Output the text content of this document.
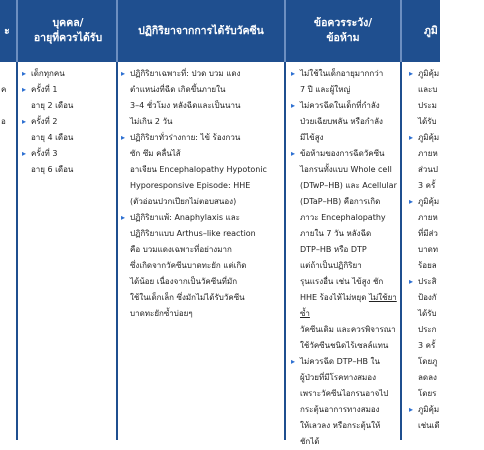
ะ
บุคคล/
อายุที่ควรได้รับ
ปฏิกิริยาจากการได้รับวัคซีน
ข้อควรระวัง/
ข้อห้าม
ภูมิ
ค
อ
▸ เด็กทุกคน
▸ ครั้งที่ 1
อายุ 2 เดือน
▸ ครั้งที่ 2
อายุ 4 เดือน
▸ ครั้งที่ 3
อายุ 6 เดือน
▸ ปฏิกิริยาเฉพาะที่: ปวด บวม แดง
ตำแหน่งที่ฉีด เกิดขึ้นภายใน
3–4 ชั่วโมง หลังฉีดและเป็นนาน
ไม่เกิน 2 วัน
▸ ปฏิกิริยาทั่วร่างกาย: ไข้ ร้องกวน
ซัก ซึม คลื่นไส้
อาเจียน Encephalopathy Hypotonic
Hyporesponsive Episode: HHE
(ตัวอ่อนปวกเปียกไม่ตอบสนอง)
▸ ปฏิกิริยาแพ้: Anaphylaxis และ
ปฏิกิริยาแบบ Arthus–like reaction
คือ บวมแดงเฉพาะที่อย่างมาก
ซึ่งเกิดจากวัคซีนบาดทะยัก แต่เกิด
ได้น้อย เนื่องจากเป็นวัคซีนที่มัก
ใช้ในเด็กเล็ก ซึ่งมักไม่ได้รับวัคซีน
บาดทะยักซ้ำบ่อยๆ
▸ ไม่ใช้ในเด็กอายุมากกว่า
7 ปี และผู้ใหญ่
▸ ไม่ควรฉีดในเด็กที่กำลัง
ป่วยเฉียบพลัน หรือกำลัง
มีไข้สูง
▸ ข้อห้ามของการฉีดวัคซีน
ไอกรนทั้งแบบ Whole cell
(DTwP–HB) และ Acellular
(DTaP–HB) คือการเกิด
ภาวะ Encephalopathy
ภายใน 7 วัน หลังฉีด
DTP–HB หรือ DTP
แต่ถ้าเป็นปฏิกิริยา
รุนแรงอื่น เช่น ไข้สูง ชัก
HHE ร้องไห้ไม่หยุด ไม่ใช้ยาซ้ำ
วัคซีนเดิม และควรพิจารณา
ใช้วัคซีนชนิดไร้เซลล์แทน
▸ ไม่ควรฉีด DTP–HB ใน
ผู้ป่วยที่มีโรคทางสมอง
เพราะวัคซีนไอกรนอาจไป
กระตุ้นอาการทางสมอง
ให้เลวลง หรือกระตุ้นให้
ชักได้
▸ ภูมิคุ้ม
และบ
ประม
ได้รับ
▸ ภูมิคุ้ม
ภายห
ส่วนป
3 ครั้
▸ ภูมิคุ้ม
ภายห
ที่มีส่ว
บาดท
ร้อยล
▸ ประสิ
ป้องกั
ได้รับ
ประก
3 ครั้
โดยภู
ลดลง
โดยร
▸ ภูมิคุ้ม
เช่นเดี
